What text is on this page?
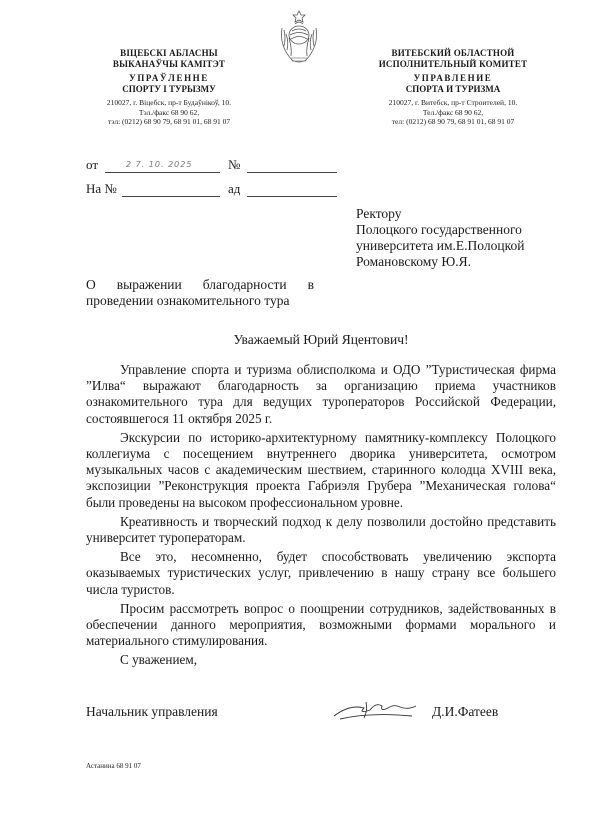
ВІЦЕБСКІ АБЛАСНЫ
ВЫКАНАЎЧЫ КАМІТЭТ
УПРАЎЛЕННЕ
СПОРТУ І ТУРЫЗМУ
210027, г. Віцебск, пр-т Будаўнікоў, 10.
Тэл./факс 68 90 62,
тэл: (0212) 68 90 79, 68 91 01, 68 91 07
ВИТЕБСКИЙ ОБЛАСТНОЙ
ИСПОЛНИТЕЛЬНЫЙ КОМИТЕТ
УПРАВЛЕНИЕ
СПОРТА И ТУРИЗМА
210027, г. Витебск, пр-т Строителей, 10.
Тел./факс 68 90 62,
тел: (0212) 68 90 79, 68 91 01, 68 91 07
от	2 7. 10. 2025	№
На №	ад
Ректору
Полоцкого государственного
университета им.Е.Полоцкой
Романовскому Ю.Я.
О выражении благодарности в
проведении ознакомительного тура
Уважаемый Юрий Яцентович!

Управление спорта и туризма облисполкома и ОДО ”Туристическая фирма ”Илва“ выражают благодарность за организацию приема участников ознакомительного тура для ведущих туроператоров Российской Федерации, состоявшегося 11 октября 2025 г.

Экскурсии по историко-архитектурному памятнику-комплексу Полоцкого коллегиума с посещением внутреннего дворика университета, осмотром музыкальных часов с академическим шествием, старинного колодца XVIII века, экспозиции ”Реконструкция проекта Габриэля Грубера ”Механическая голова“ были проведены на высоком профессиональном уровне.

Креативность и творческий подход к делу позволили достойно представить университет туроператорам.

Все это, несомненно, будет способствовать увеличению экспорта оказываемых туристических услуг, привлечению в нашу страну все большего числа туристов.

Просим рассмотреть вопрос о поощрении сотрудников, задействованных в обеспечении данного мероприятия, возможными формами морального и материального стимулирования.

С уважением,

Начальник управления	Д.И.Фатеев
Астанина 68 91 07
